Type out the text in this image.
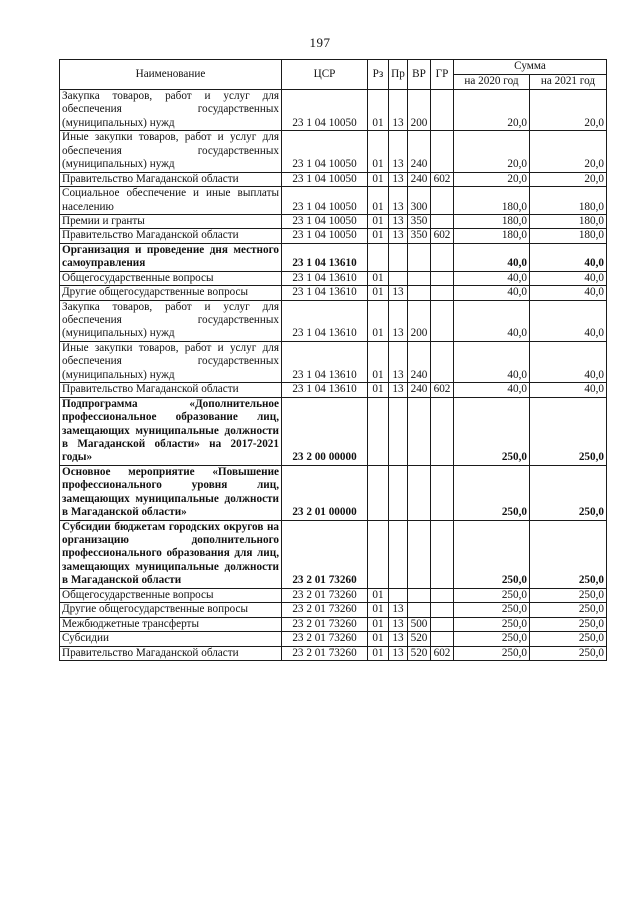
197
Наименование	ЦСР	Рз	Пр	ВР	ГР	Сумма	
						на 2020 год	на 2021 год
Закупка товаров, работ и услуг для обеспечения государственных (муниципальных) нужд	23 1 04 10050	01	13	200		20,0	20,0
Иные закупки товаров, работ и услуг для обеспечения государственных (муниципальных) нужд	23 1 04 10050	01	13	240		20,0	20,0
Правительство Магаданской области	23 1 04 10050	01	13	240	602	20,0	20,0
Социальное обеспечение и иные выплаты населению	23 1 04 10050	01	13	300		180,0	180,0
Премии и гранты	23 1 04 10050	01	13	350		180,0	180,0
Правительство Магаданской области	23 1 04 10050	01	13	350	602	180,0	180,0
Организация и проведение дня местного самоуправления	23 1 04 13610					40,0	40,0
Общегосударственные вопросы	23 1 04 13610	01				40,0	40,0
Другие общегосударственные вопросы	23 1 04 13610	01	13			40,0	40,0
Закупка товаров, работ и услуг для обеспечения государственных (муниципальных) нужд	23 1 04 13610	01	13	200		40,0	40,0
Иные закупки товаров, работ и услуг для обеспечения государственных (муниципальных) нужд	23 1 04 13610	01	13	240		40,0	40,0
Правительство Магаданской области	23 1 04 13610	01	13	240	602	40,0	40,0
Подпрограмма «Дополнительное профессиональное образование лиц, замещающих муниципальные должности в Магаданской области» на 2017-2021 годы»	23 2 00 00000					250,0	250,0
Основное мероприятие «Повышение профессионального уровня лиц, замещающих муниципальные должности в Магаданской области»	23 2 01 00000					250,0	250,0
Субсидии бюджетам городских округов на организацию дополнительного профессионального образования для лиц, замещающих муниципальные должности в Магаданской области	23 2 01 73260					250,0	250,0
Общегосударственные вопросы	23 2 01 73260	01				250,0	250,0
Другие общегосударственные вопросы	23 2 01 73260	01	13			250,0	250,0
Межбюджетные трансферты	23 2 01 73260	01	13	500		250,0	250,0
Субсидии	23 2 01 73260	01	13	520		250,0	250,0
Правительство Магаданской области	23 2 01 73260	01	13	520	602	250,0	250,0
